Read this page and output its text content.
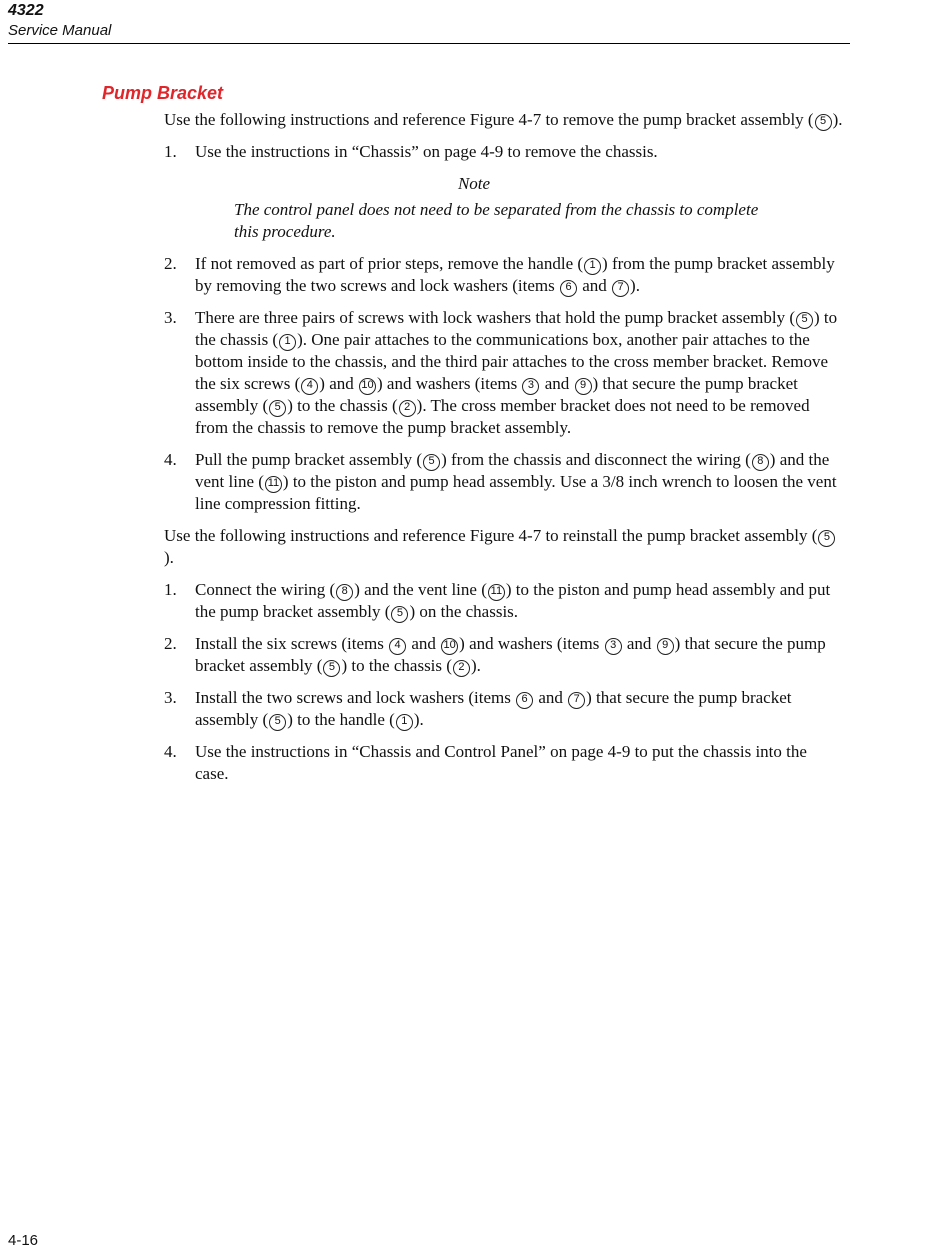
4322
Service Manual
Pump Bracket

Use the following instructions and reference Figure 4-7 to remove the pump bracket assembly ( 5 ).

1. Use the instructions in “Chassis” on page 4-9 to remove the chassis.
Note
The control panel does not need to be separated from the chassis to complete this procedure.
2. If not removed as part of prior steps, remove the handle ( 1 ) from the pump bracket assembly by removing the two screws and lock washers (items 6 and 7 ).
3. There are three pairs of screws with lock washers that hold the pump bracket assembly ( 5 ) to the chassis ( 1 ). One pair attaches to the communications box, another pair attaches to the bottom inside to the chassis, and the third pair attaches to the cross member bracket. Remove the six screws ( 4 ) and 10 ) and washers (items 3 and 9 ) that secure the pump bracket assembly ( 5 ) to the chassis ( 2 ). The cross member bracket does not need to be removed from the chassis to remove the pump bracket assembly.
4. Pull the pump bracket assembly ( 5 ) from the chassis and disconnect the wiring ( 8 ) and the vent line ( 11 ) to the piston and pump head assembly. Use a 3/8 inch wrench to loosen the vent line compression fitting.

Use the following instructions and reference Figure 4-7 to reinstall the pump bracket assembly ( 5).

1. Connect the wiring ( 8 ) and the vent line ( 11 ) to the piston and pump head assembly and put the pump bracket assembly ( 5 ) on the chassis.
2. Install the six screws (items 4 and 10 ) and washers (items 3 and 9 ) that secure the pump bracket assembly ( 5 ) to the chassis ( 2 ).
3. Install the two screws and lock washers (items 6 and 7 ) that secure the pump bracket assembly ( 5 ) to the handle ( 1 ).
4. Use the instructions in “Chassis and Control Panel” on page 4-9 to put the chassis into the case.
4-16
